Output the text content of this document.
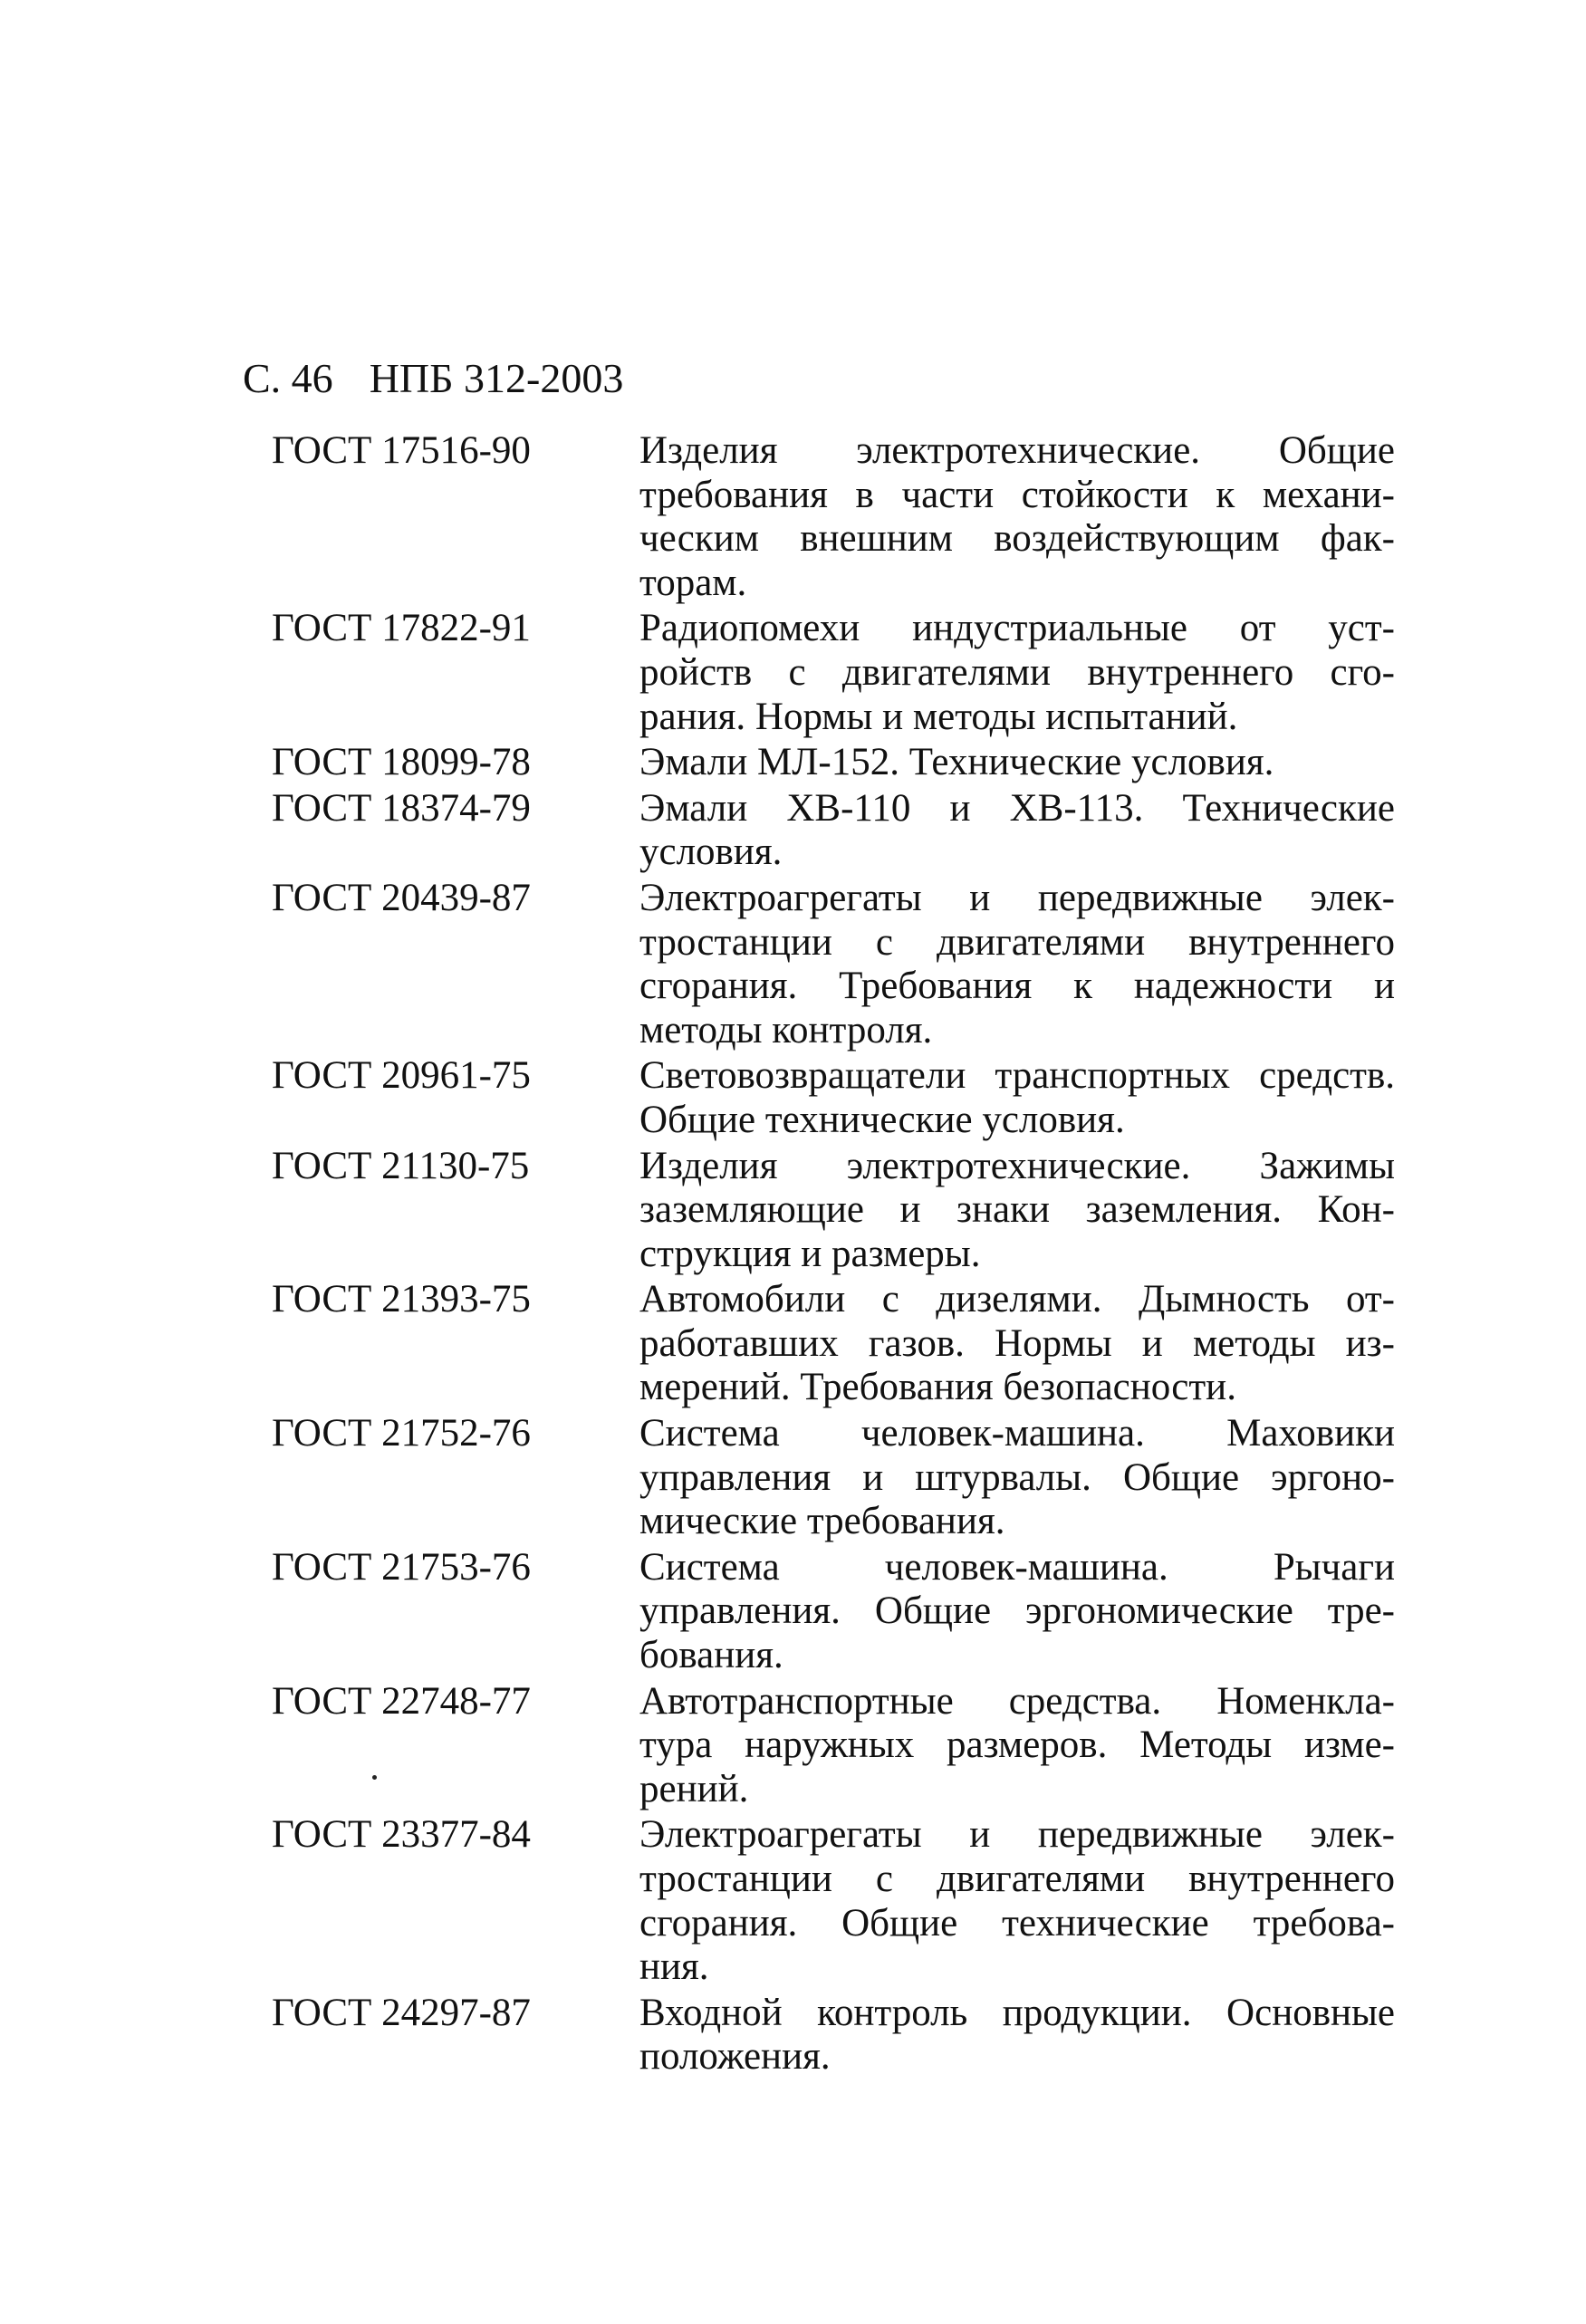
С. 46 НПБ 312-2003
ГОСТ 17516-90	Изделия электротехнические. Общие
требования в части стойкости к механи-
ческим внешним воздействующим фак-
торам.
ГОСТ 17822-91	Радиопомехи индустриальные от уст-
ройств с двигателями внутреннего сго-
рания. Нормы и методы испытаний.
ГОСТ 18099-78	Эмали МЛ-152. Технические условия.
ГОСТ 18374-79	Эмали ХВ-110 и ХВ-113. Технические
условия.
ГОСТ 20439-87	Электроагрегаты и передвижные элек-
тростанции с двигателями внутреннего
сгорания. Требования к надежности и
методы контроля.
ГОСТ 20961-75	Световозвращатели транспортных средств.
Общие технические условия.
ГОСТ 21130-75	Изделия электротехнические. Зажимы
заземляющие и знаки заземления. Кон-
струкция и размеры.
ГОСТ 21393-75	Автомобили с дизелями. Дымность от-
работавших газов. Нормы и методы из-
мерений. Требования безопасности.
ГОСТ 21752-76	Система человек-машина. Маховики
управления и штурвалы. Общие эргоно-
мические требования.
ГОСТ 21753-76	Система человек-машина. Рычаги
управления. Общие эргономические тре-
бования.
ГОСТ 22748-77	Автотранспортные средства. Номенкла-
тура наружных размеров. Методы изме-
рений.
ГОСТ 23377-84	Электроагрегаты и передвижные элек-
тростанции с двигателями внутреннего
сгорания. Общие технические требова-
ния.
ГОСТ 24297-87	Входной контроль продукции. Основные
положения.
